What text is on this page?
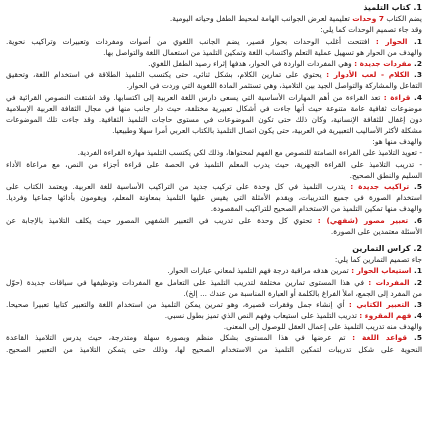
1. كتاب التلميذ
يضم الكتاب 7 وحدات تعليمية لعرض الجوانب الهامة لمحيط الطفل وحياته اليومية.
وقد جاء تصميم الوحدات كما يلي:
1. الحوار : افتتحت أغلب الوحدات بحوار قصير، يضم الجانب اللغوي من أصوات ومفردات وتعبيرات وتراكيب نحوية.
والهدف من الحوار هو تسهيل عملية التعلم واكتساب اللغة وتمكين التلميذ من استعمال اللغة والتواصل بها.
2. مفردات جديدة : وهي المفردات الواردة في الحوار، هدفها إثراء رصيد الطفل اللغوي.
3. الكلام - لعب الأدوار : يحتوي على تمارين الكلام، بشكل ثنائي، حتى يكتسب التلميذ الطلاقة في استخدام اللغة، وتحقيق
التفاعل والمشاركة والتواصل الجيد بين التلاميذ، وهي تستثمر المادة اللغوية التي وردت في الحوار.
4. قراءة : تعد القراءة من أهم المهارات الأساسية التي يسعى دارس اللغة العربية إلى اكتسابها. وقد اشتقت النصوص القرائية في
موضوعات ثقافية عامة متنوعة حيث أنها جاءت في أشكال تعبيرية مختلفة، حيث دار جانب منها في مجال الثقافة العربية الإسلامية
دون إغفال للثقافة الإنسانية، وكان ذلك حتى تكون الموضوعات في مستوى حاجات التلميذ الثقافية. وقد جاءت تلك الموضوعات
مشكلة لأكثر الأساليب التعبيرية في العربية، حتى يكون اتصال التلميذ بالكتاب العربي أمرا سهلا وطبيعيا.
والهدف منها هو:
- تعويد التلاميذ على القراءة الصامتة للنصوص مع الفهم لمحتواها، وذلك لكي يكتسب التلميذ مهارة القراءة الفردية.
- تدريب التلاميذ على القراءة الجهرية، حيث يدرب المعلم التلميذ في الحصة على قراءة أجزاء من النص، مع مراعاة الأداء
السليم والنطق الصحيح.
5. تراكيب جديدة : يتدرب التلميذ في كل وحدة على تركيب جديد من التراكيب الأساسية للغة العربية. ويعتمد الكتاب على
استخدام الصورة في جميع التدريبات، ويقدم الأمثلة التي يقيس عليها التلميذ بمعاونة المعلم، ويقومون بأدائها جماعيا وفرديا.
والهدف منها تمكين التلميذ من الاستخدام الصحيح للتراكيب المقصودة.
6. تعبير مصور (شفهي) : تحتوي كل وحدة على تدريب في التعبير الشفهي المصور حيث يكلف التلاميذ بالإجابة عن
الأسئلة معتمدين على الصورة.
2. كراس التمارين
جاء تصميم التمارين كما يلي:
1. استيعاب الحوار : تمرين هدفه مراقبة درجة فهم التلميذ لمعاني عبارات الحوار.
2. المفردات : في هذا المستوى تمارين مختلفة لتدريب التلميذ على التعامل مع المفردات وتوظيفها في سياقات جديدة (حوّل
من المفرد إلى الجمع، املأ الفراغ بالكلمة أو العبارة المناسبة من عندك ... إلخ).
3. التعبير الكتابي : أي إنشاء جمل وفقرات قصيرة، وهو تمرين يمكن التلميذ من استخدام اللغة والتعبير كتابيا تعبيرا صحيحا.
4. فهم المقروء : تدريب التلميذ على استيعاب وفهم النص الذي تميز بطول نسبي.
والهدف منه تدريب التلميذ على إعمال العقل للوصول إلى المعنى.
5. قواعد اللغة : تم عرضها في هذا المستوى بشكل منظم وبصورة سهلة ومتدرجة، حيث يدرس التلاميذ القاعدة
النحوية على شكل تدريبات لتمكين التلميذ من الاستخدام الصحيح لها، وذلك حتى يتمكن التلاميذ من التعبير الصحيح.
